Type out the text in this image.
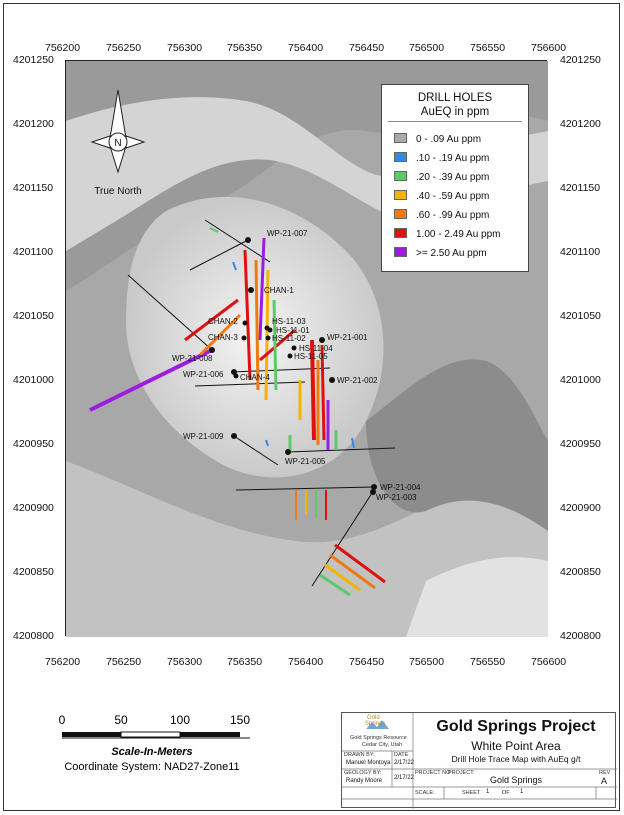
756200 756250 756300 756350 756400 756450 756500 756550 756600
756200 756250 756300 756350 756400 756450 756500 756550 756600
4201250
4201200
4201150
4201100
4201050
4201000
4200950
4200900
4200850
4200800
4201250
4201200
4201150
4201100
4201050
4201000
4200950
4200900
4200850
4200800
WP-21-007
CHAN-1
CHAN-2	HS-11-03
HS-11-01
CHAN-3	HS-11-02	WP-21-001
HS-11-04
HS-11-05
WP-21-008
WP-21-006 CHAN-4	WP-21-002
WP-21-009
WP-21-005
WP-21-004
WP-21-003
N
True North
DRILL HOLES
AuEQ in ppm
0 - .09 Au ppm
.10 - .19 Au ppm
.20 - .39 Au ppm
.40 - .59 Au ppm
.60 - .99 Au ppm
1.00 - 2.49 Au ppm
>= 2.50 Au ppm
0	50	100	150
Scale-In-Meters
Coordinate System: NAD27-Zone11
Gold
Springs
Gold Springs Resource
Cedar City, Utah
DRAWN BY:
Manuel Montoya
DATE
2/17/22
GEOLOGY BY:
Randy Moore 2/17/22
Gold Springs Project
White Point Area
Drill Hole Trace Map with AuEq g/t
PROJECT NO:
PROJECT:
Gold Springs
REV
A
SCALE:	SHEET 1 OF 1
